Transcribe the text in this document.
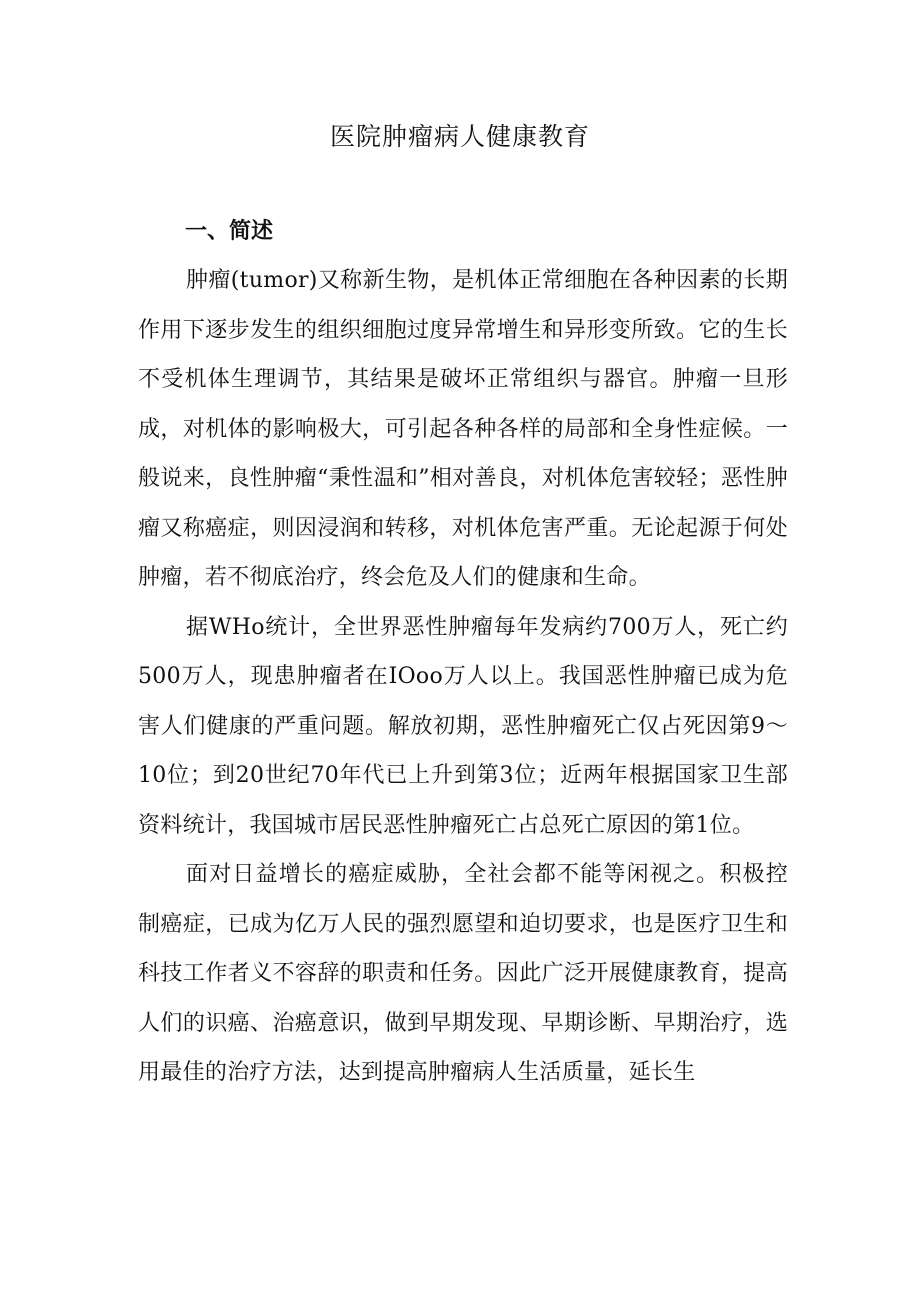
医院肿瘤病人健康教育
一、简述

肿瘤(tumor)又称新生物，是机体正常细胞在各种因素的长期作用下逐步发生的组织细胞过度异常增生和异形变所致。它的生长不受机体生理调节，其结果是破坏正常组织与器官。肿瘤一旦形成，对机体的影响极大，可引起各种各样的局部和全身性症候。一般说来，良性肿瘤“秉性温和”相对善良，对机体危害较轻；恶性肿瘤又称癌症，则因浸润和转移，对机体危害严重。无论起源于何处肿瘤，若不彻底治疗，终会危及人们的健康和生命。

据WHo统计，全世界恶性肿瘤每年发病约700万人，死亡约500万人，现患肿瘤者在IOoo万人以上。我国恶性肿瘤已成为危害人们健康的严重问题。解放初期，恶性肿瘤死亡仅占死因第9～10位；到20世纪70年代已上升到第3位；近两年根据国家卫生部资料统计，我国城市居民恶性肿瘤死亡占总死亡原因的第1位。

面对日益增长的癌症威胁，全社会都不能等闲视之。积极控制癌症，已成为亿万人民的强烈愿望和迫切要求，也是医疗卫生和科技工作者义不容辞的职责和任务。因此广泛开展健康教育，提高人们的识癌、治癌意识，做到早期发现、早期诊断、早期治疗，选用最佳的治疗方法，达到提高肿瘤病人生活质量，延长生
